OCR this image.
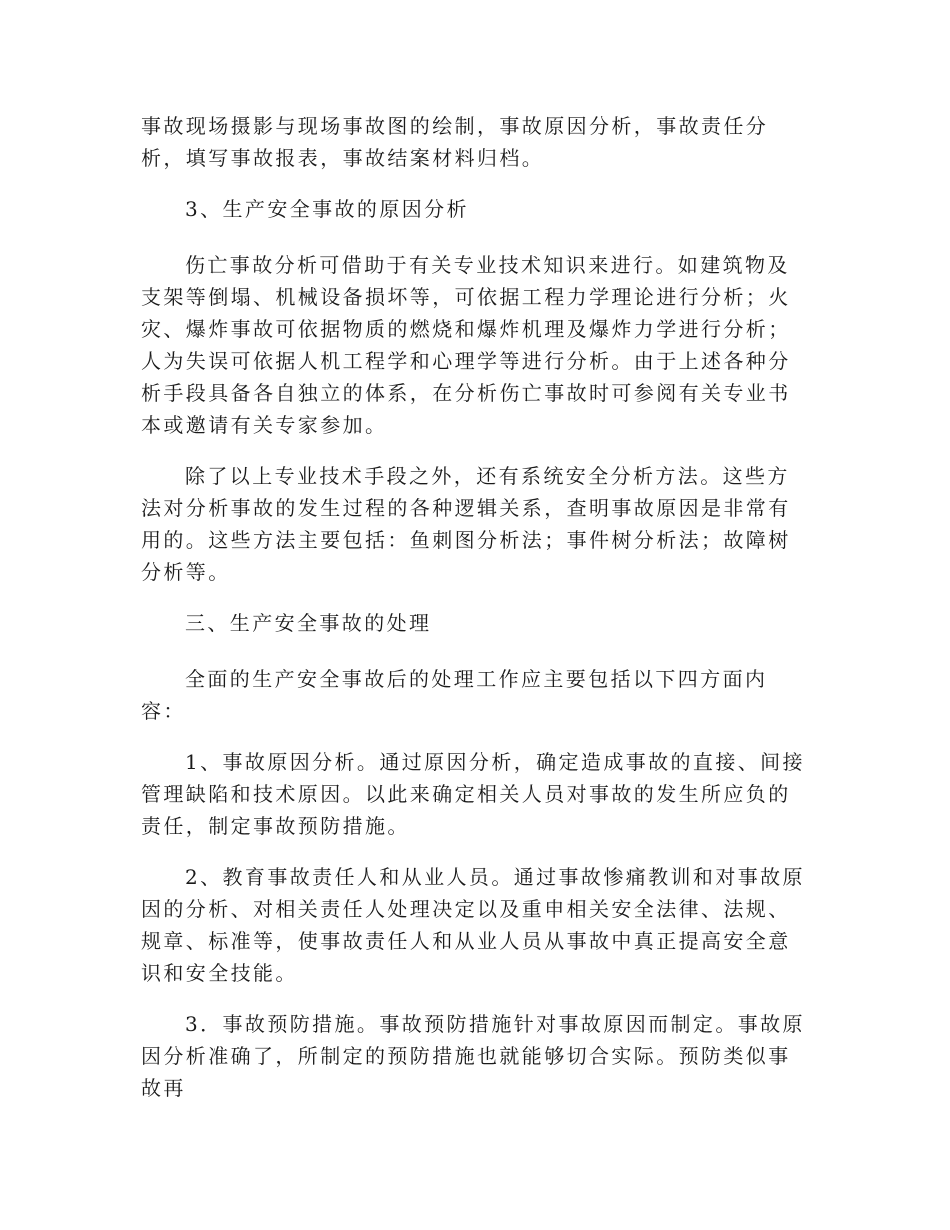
事故现场摄影与现场事故图的绘制，事故原因分析，事故责任分析，填写事故报表，事故结案材料归档。

3、生产安全事故的原因分析

伤亡事故分析可借助于有关专业技术知识来进行。如建筑物及支架等倒塌、机械设备损坏等，可依据工程力学理论进行分析；火灾、爆炸事故可依据物质的燃烧和爆炸机理及爆炸力学进行分析；人为失误可依据人机工程学和心理学等进行分析。由于上述各种分析手段具备各自独立的体系，在分析伤亡事故时可参阅有关专业书本或邀请有关专家参加。

除了以上专业技术手段之外，还有系统安全分析方法。这些方法对分析事故的发生过程的各种逻辑关系，查明事故原因是非常有用的。这些方法主要包括：鱼刺图分析法；事件树分析法；故障树分析等。

三、生产安全事故的处理

全面的生产安全事故后的处理工作应主要包括以下四方面内容：

1、事故原因分析。通过原因分析，确定造成事故的直接、间接管理缺陷和技术原因。以此来确定相关人员对事故的发生所应负的责任，制定事故预防措施。

2、教育事故责任人和从业人员。通过事故惨痛教训和对事故原因的分析、对相关责任人处理决定以及重申相关安全法律、法规、规章、标准等，使事故责任人和从业人员从事故中真正提高安全意识和安全技能。

3．事故预防措施。事故预防措施针对事故原因而制定。事故原因分析准确了，所制定的预防措施也就能够切合实际。预防类似事故再
